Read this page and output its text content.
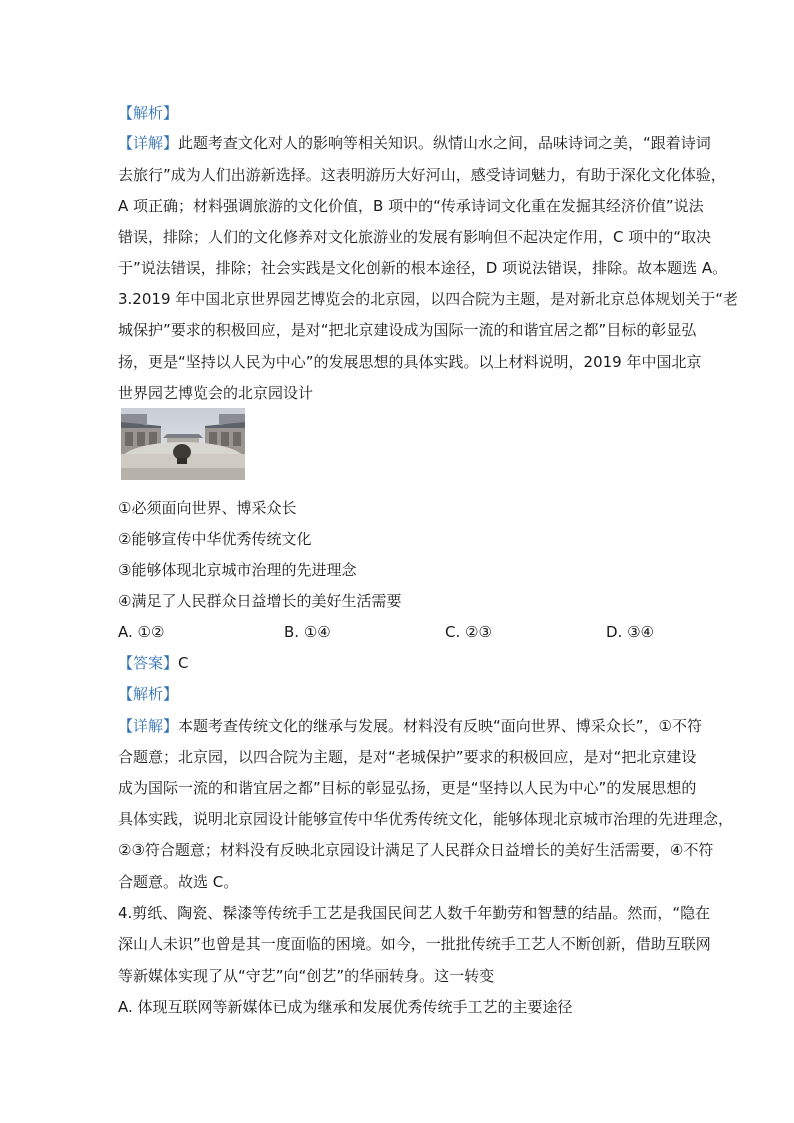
【解析】
【详解】此题考查文化对人的影响等相关知识。纵情山水之间，品味诗词之美，“跟着诗词
去旅行”成为人们出游新选择。这表明游历大好河山，感受诗词魅力，有助于深化文化体验，
A 项正确；材料强调旅游的文化价值，B 项中的“传承诗词文化重在发掘其经济价值”说法
错误，排除；人们的文化修养对文化旅游业的发展有影响但不起决定作用，C 项中的“取决
于”说法错误，排除；社会实践是文化创新的根本途径，D 项说法错误，排除。故本题选 A。
3.2019 年中国北京世界园艺博览会的北京园，以四合院为主题，是对新北京总体规划关于“老
城保护”要求的积极回应，是对“把北京建设成为国际一流的和谐宜居之都”目标的彰显弘
扬，更是“坚持以人民为中心”的发展思想的具体实践。以上材料说明，2019 年中国北京
世界园艺博览会的北京园设计
①必须面向世界、博采众长
②能够宣传中华优秀传统文化
③能够体现北京城市治理的先进理念
④满足了人民群众日益增长的美好生活需要
A. ①②	B. ①④	C. ②③	D. ③④
【答案】C
【解析】
【详解】本题考查传统文化的继承与发展。材料没有反映“面向世界、博采众长”，①不符
合题意；北京园，以四合院为主题，是对“老城保护”要求的积极回应，是对“把北京建设
成为国际一流的和谐宜居之都”目标的彰显弘扬，更是“坚持以人民为中心”的发展思想的
具体实践，说明北京园设计能够宣传中华优秀传统文化，能够体现北京城市治理的先进理念，
②③符合题意；材料没有反映北京园设计满足了人民群众日益增长的美好生活需要，④不符
合题意。故选 C。
4.剪纸、陶瓷、髹漆等传统手工艺是我国民间艺人数千年勤劳和智慧的结晶。然而，“隐在
深山人未识”也曾是其一度面临的困境。如今，一批批传统手工艺人不断创新，借助互联网
等新媒体实现了从“守艺”向“创艺”的华丽转身。这一转变
A. 体现互联网等新媒体已成为继承和发展优秀传统手工艺的主要途径
